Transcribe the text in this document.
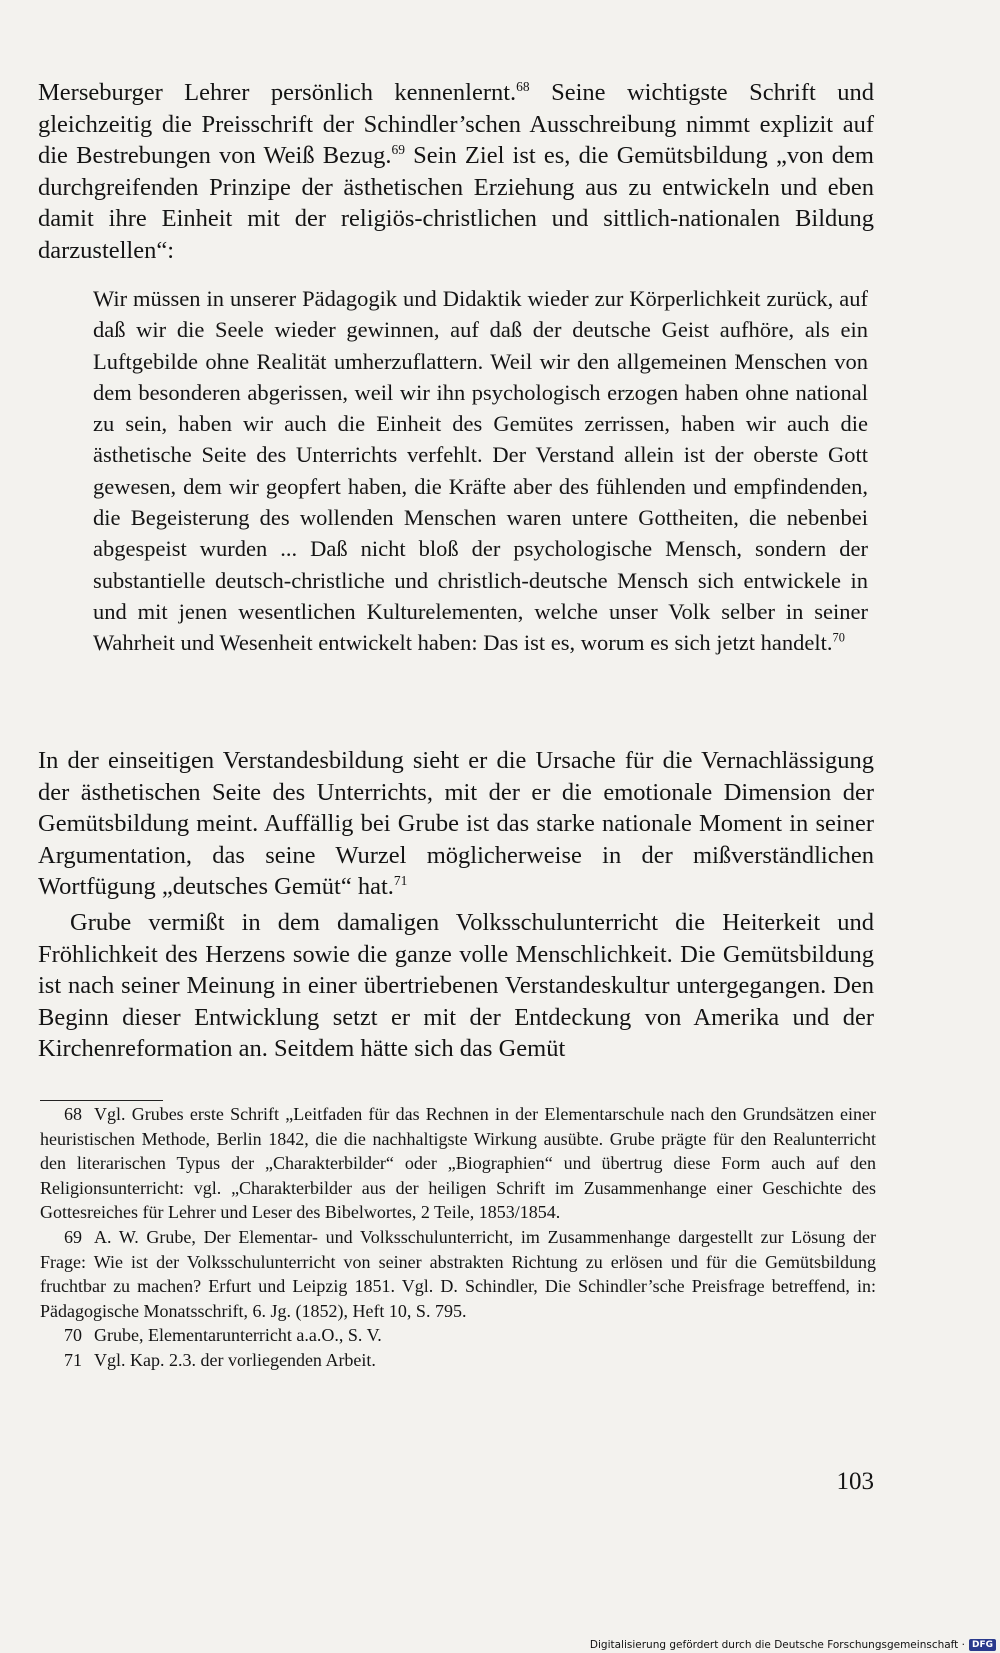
Merseburger Lehrer persönlich kennenlernt.$^{68}$ Seine wichtigste Schrift und gleichzeitig die Preisschrift der Schindler’schen Ausschreibung nimmt explizit auf die Bestrebungen von Weiß Bezug.$^{69}$ Sein Ziel ist es, die Gemütsbildung „von dem durchgreifenden Prinzipe der ästhetischen Erziehung aus zu entwickeln und eben damit ihre Einheit mit der religiös-christlichen und sittlich-nationalen Bildung darzustellen“:

Wir müssen in unserer Pädagogik und Didaktik wieder zur Körperlichkeit zurück, auf daß wir die Seele wieder gewinnen, auf daß der deutsche Geist aufhöre, als ein Luftgebilde ohne Realität umherzuflattern. Weil wir den allgemeinen Menschen von dem besonderen abgerissen, weil wir ihn psychologisch erzogen haben ohne national zu sein, haben wir auch die Einheit des Gemütes zerrissen, haben wir auch die ästhetische Seite des Unterrichts verfehlt. Der Verstand allein ist der oberste Gott gewesen, dem wir geopfert haben, die Kräfte aber des fühlenden und empfindenden, die Begeisterung des wollenden Menschen waren untere Gottheiten, die nebenbei abgespeist wurden ... Daß nicht bloß der psychologische Mensch, sondern der substantielle deutsch-christliche und christlich-deutsche Mensch sich entwickele in und mit jenen wesentlichen Kulturelementen, welche unser Volk selber in seiner Wahrheit und Wesenheit entwickelt haben: Das ist es, worum es sich jetzt handelt.$^{70}$

In der einseitigen Verstandesbildung sieht er die Ursache für die Vernachlässigung der ästhetischen Seite des Unterrichts, mit der er die emotionale Dimension der Gemütsbildung meint. Auffällig bei Grube ist das starke nationale Moment in seiner Argumentation, das seine Wurzel möglicherweise in der mißverständlichen Wortfügung „deutsches Gemüt“ hat.$^{71}$

Grube vermißt in dem damaligen Volksschulunterricht die Heiterkeit und Fröhlichkeit des Herzens sowie die ganze volle Menschlichkeit. Die Gemütsbildung ist nach seiner Meinung in einer übertriebenen Verstandeskultur untergegangen. Den Beginn dieser Entwicklung setzt er mit der Entdeckung von Amerika und der Kirchenreformation an. Seitdem hätte sich das Gemüt

68 Vgl. Grubes erste Schrift „Leitfaden für das Rechnen in der Elementarschule nach den Grundsätzen einer heuristischen Methode, Berlin 1842, die die nachhaltigste Wirkung ausübte. Grube prägte für den Realunterricht den literarischen Typus der „Charakterbilder“ oder „Biographien“ und übertrug diese Form auch auf den Religionsunterricht: vgl. „Charakterbilder aus der heiligen Schrift im Zusammenhange einer Geschichte des Gottesreiches für Lehrer und Leser des Bibelwortes, 2 Teile, 1853/1854.

69 A. W. Grube, Der Elementar- und Volksschulunterricht, im Zusammenhange dargestellt zur Lösung der Frage: Wie ist der Volksschulunterricht von seiner abstrakten Richtung zu erlösen und für die Gemütsbildung fruchtbar zu machen? Erfurt und Leipzig 1851. Vgl. D. Schindler, Die Schindler’sche Preisfrage betreffend, in: Pädagogische Monatsschrift, 6. Jg. (1852), Heft 10, S. 795.

70 Grube, Elementarunterricht a.a.O., S. V.

71 Vgl. Kap. 2.3. der vorliegenden Arbeit.

103
Digitalisierung gefördert durch die Deutsche Forschungsgemeinschaft · DFG
